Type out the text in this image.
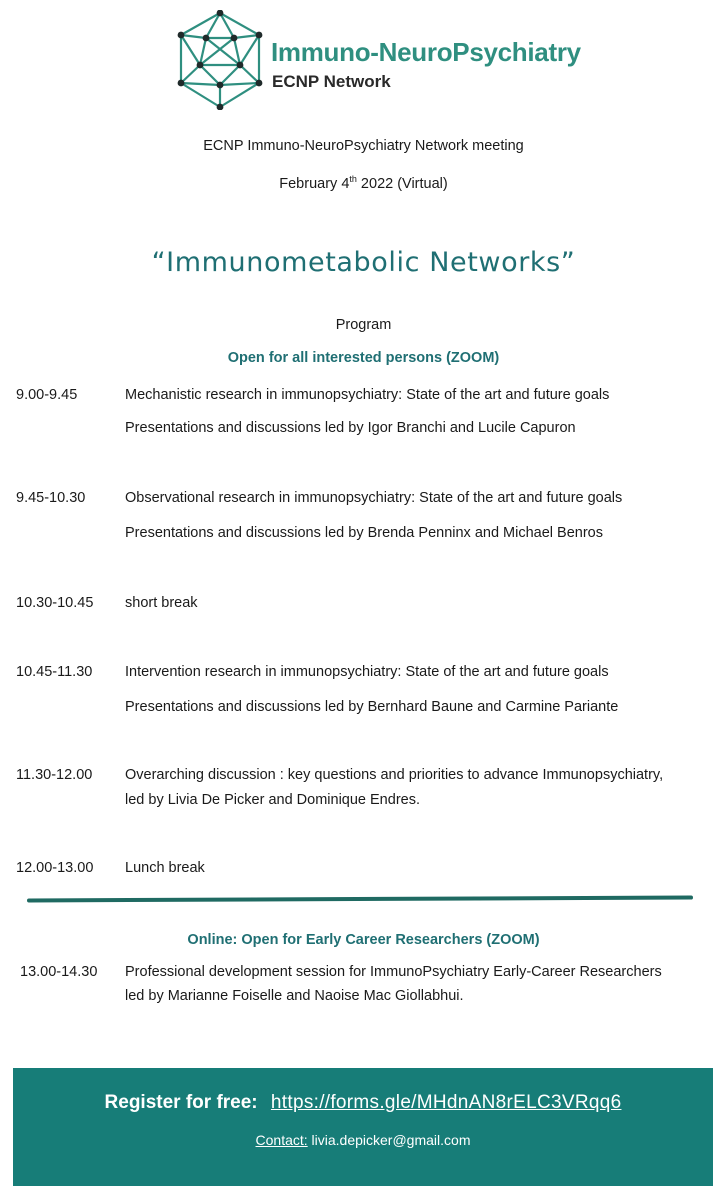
Immuno-NeuroPsychiatry
ECNP Network
ECNP Immuno-NeuroPsychiatry Network meeting
February 4th 2022 (Virtual)
“Immunometabolic Networks”
Program
Open for all interested persons (ZOOM)
9.00-9.45	Mechanistic research in immunopsychiatry: State of the art and future goals
Presentations and discussions led by Igor Branchi and Lucile Capuron
9.45-10.30	Observational research in immunopsychiatry: State of the art and future goals
Presentations and discussions led by Brenda Penninx and Michael Benros
10.30-10.45 short break
10.45-11.30 Intervention research in immunopsychiatry: State of the art and future goals
Presentations and discussions led by Bernhard Baune and Carmine Pariante
11.30-12.00 Overarching discussion : key questions and priorities to advance Immunopsychiatry,
led by Livia De Picker and Dominique Endres.
12.00-13.00 Lunch break
Online: Open for Early Career Researchers (ZOOM)
13.00-14.30 Professional development session for ImmunoPsychiatry Early-Career Researchers
led by Marianne Foiselle and Naoise Mac Giollabhui.
Register for free: https://forms.gle/MHdnAN8rELC3VRqq6
Contact: livia.depicker@gmail.com
